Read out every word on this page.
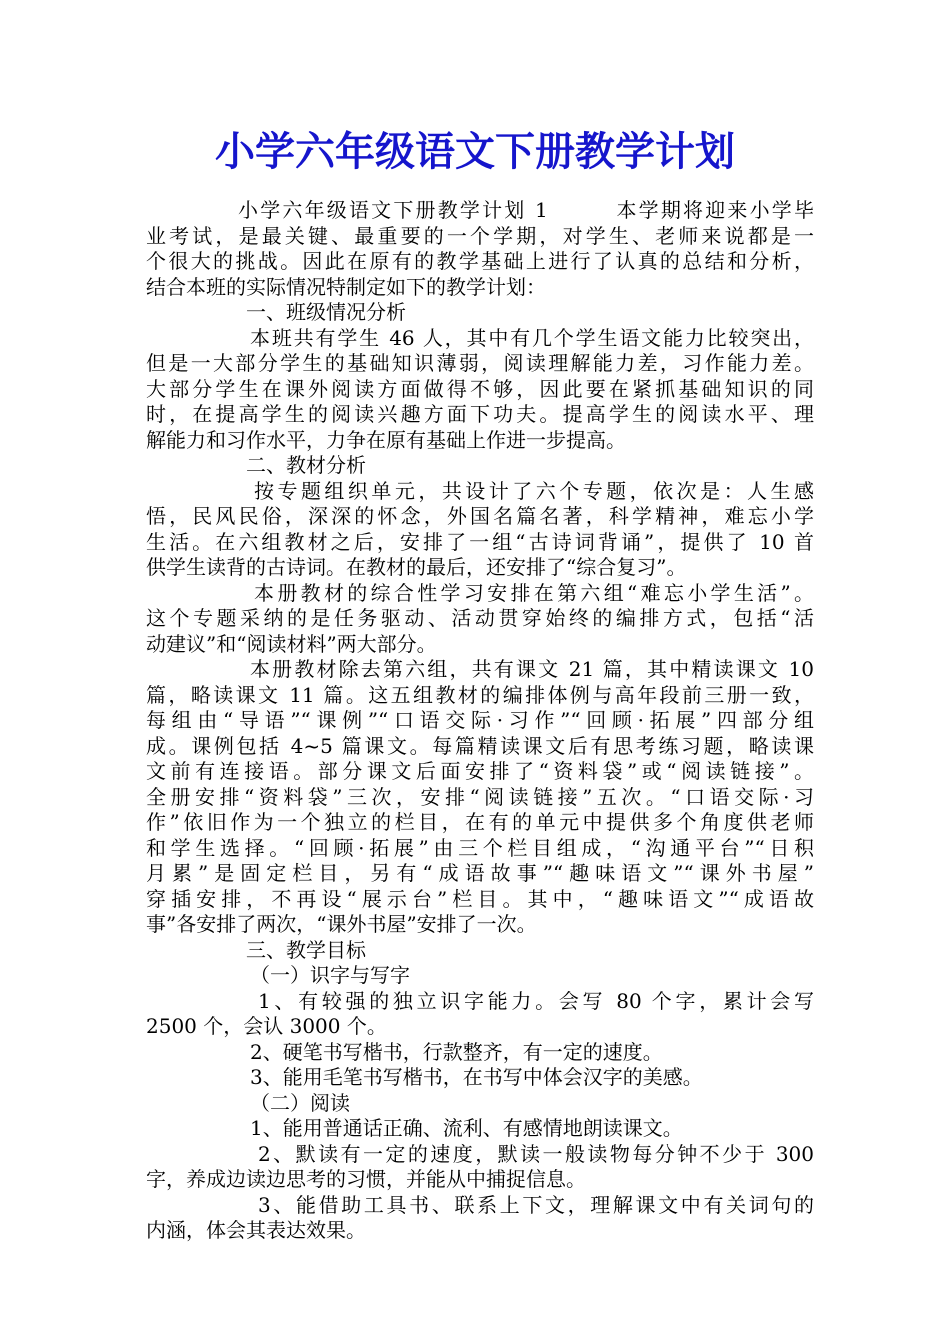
小学六年级语文下册教学计划
小学六年级语文下册教学计划 1　　　本学期将迎来小学毕
业考试，是最关键、最重要的一个学期，对学生、老师来说都是一
个很大的挑战。因此在原有的教学基础上进行了认真的总结和分析，
结合本班的实际情况特制定如下的教学计划：
一、班级情况分析
本班共有学生 46 人，其中有几个学生语文能力比较突出，
但是一大部分学生的基础知识薄弱，阅读理解能力差，习作能力差。
大部分学生在课外阅读方面做得不够，因此要在紧抓基础知识的同
时，在提高学生的阅读兴趣方面下功夫。提高学生的阅读水平、理
解能力和习作水平，力争在原有基础上作进一步提高。
二、教材分析
按专题组织单元，共设计了六个专题，依次是：人生感
悟，民风民俗，深深的怀念，外国名篇名著，科学精神，难忘小学
生活。在六组教材之后，安排了一组“古诗词背诵”，提供了 10 首
供学生读背的古诗词。在教材的最后，还安排了“综合复习”。
本册教材的综合性学习安排在第六组“难忘小学生活”。
这个专题采纳的是任务驱动、活动贯穿始终的编排方式，包括“活
动建议”和“阅读材料”两大部分。
本册教材除去第六组，共有课文 21 篇，其中精读课文 10
篇，略读课文 11 篇。这五组教材的编排体例与高年段前三册一致，
每组由“导语”“课例”“口语交际·习作”“回顾·拓展”四部分组
成。课例包括 4~5 篇课文。每篇精读课文后有思考练习题，略读课
文前有连接语。部分课文后面安排了“资料袋”或“阅读链接”。
全册安排“资料袋”三次，安排“阅读链接”五次。“口语交际·习
作”依旧作为一个独立的栏目，在有的单元中提供多个角度供老师
和学生选择。“回顾·拓展”由三个栏目组成，“沟通平台”“日积
月累”是固定栏目，另有“成语故事”“趣味语文”“课外书屋”
穿插安排，不再设“展示台”栏目。其中，“趣味语文”“成语故
事”各安排了两次，“课外书屋”安排了一次。
三、教学目标
（一）识字与写字
1、有较强的独立识字能力。会写 80 个字，累计会写
2500 个，会认 3000 个。
2、硬笔书写楷书，行款整齐，有一定的速度。
3、能用毛笔书写楷书，在书写中体会汉字的美感。
（二）阅读
1、能用普通话正确、流利、有感情地朗读课文。
2、默读有一定的速度，默读一般读物每分钟不少于 300
字，养成边读边思考的习惯，并能从中捕捉信息。
3、能借助工具书、联系上下文，理解课文中有关词句的
内涵，体会其表达效果。
